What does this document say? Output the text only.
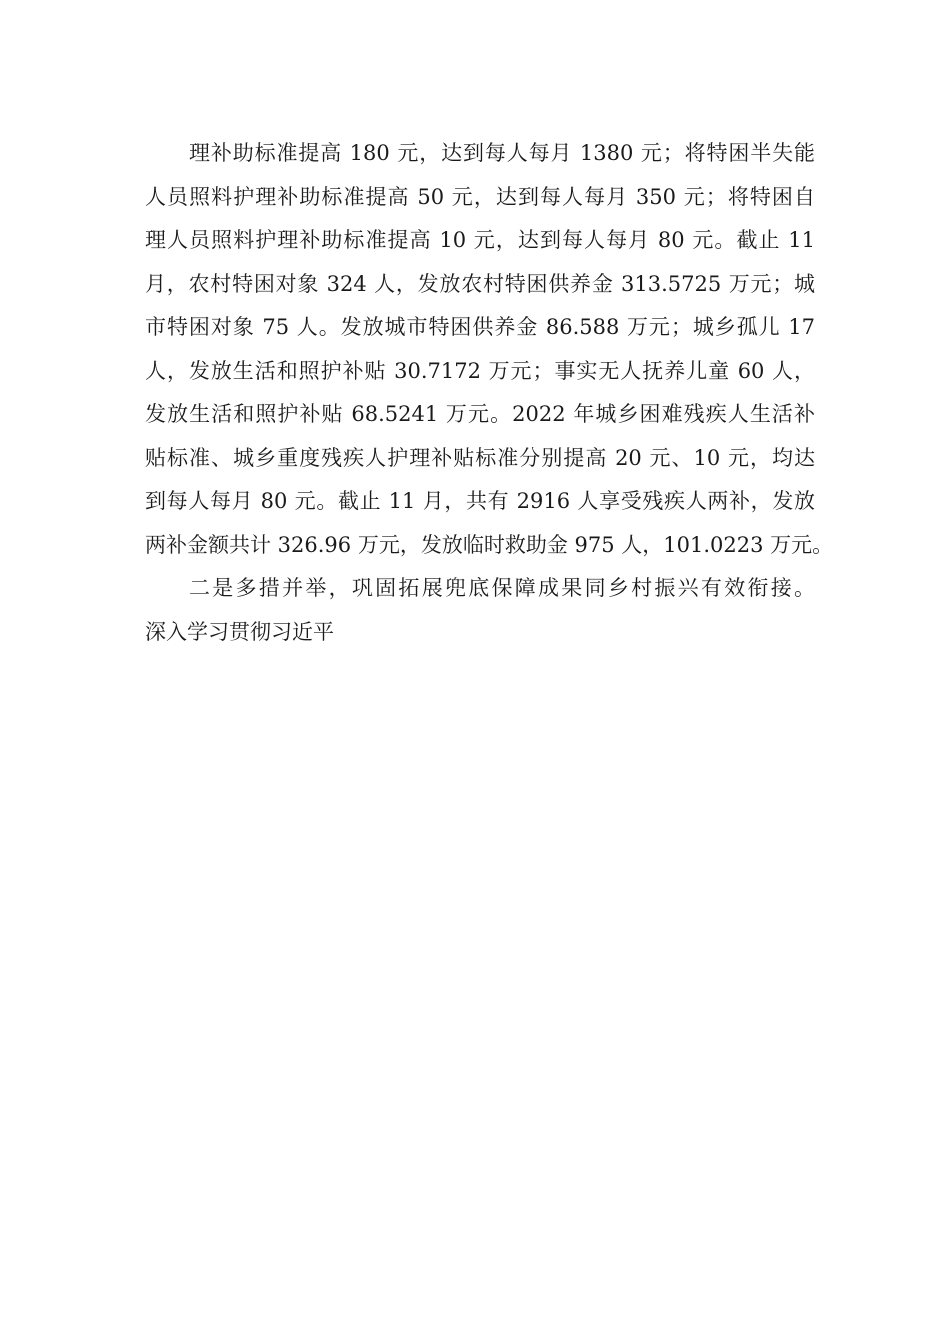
理补助标准提高 180 元，达到每人每月 1380 元；将特困半失能
人员照料护理补助标准提高 50 元，达到每人每月 350 元；将特困自
理人员照料护理补助标准提高 10 元，达到每人每月 80 元。截止 11
月，农村特困对象 324 人，发放农村特困供养金 313.5725 万元；城
市特困对象 75 人。发放城市特困供养金 86.588 万元；城乡孤儿 17
人，发放生活和照护补贴 30.7172 万元；事实无人抚养儿童 60 人，
发放生活和照护补贴 68.5241 万元。2022 年城乡困难残疾人生活补
贴标准、城乡重度残疾人护理补贴标准分别提高 20 元、10 元，均达
到每人每月 80 元。截止 11 月，共有 2916 人享受残疾人两补，发放
两补金额共计 326.96 万元，发放临时救助金 975 人，101.0223 万元。
二是多措并举，巩固拓展兜底保障成果同乡村振兴有效衔接。
深入学习贯彻习近平
